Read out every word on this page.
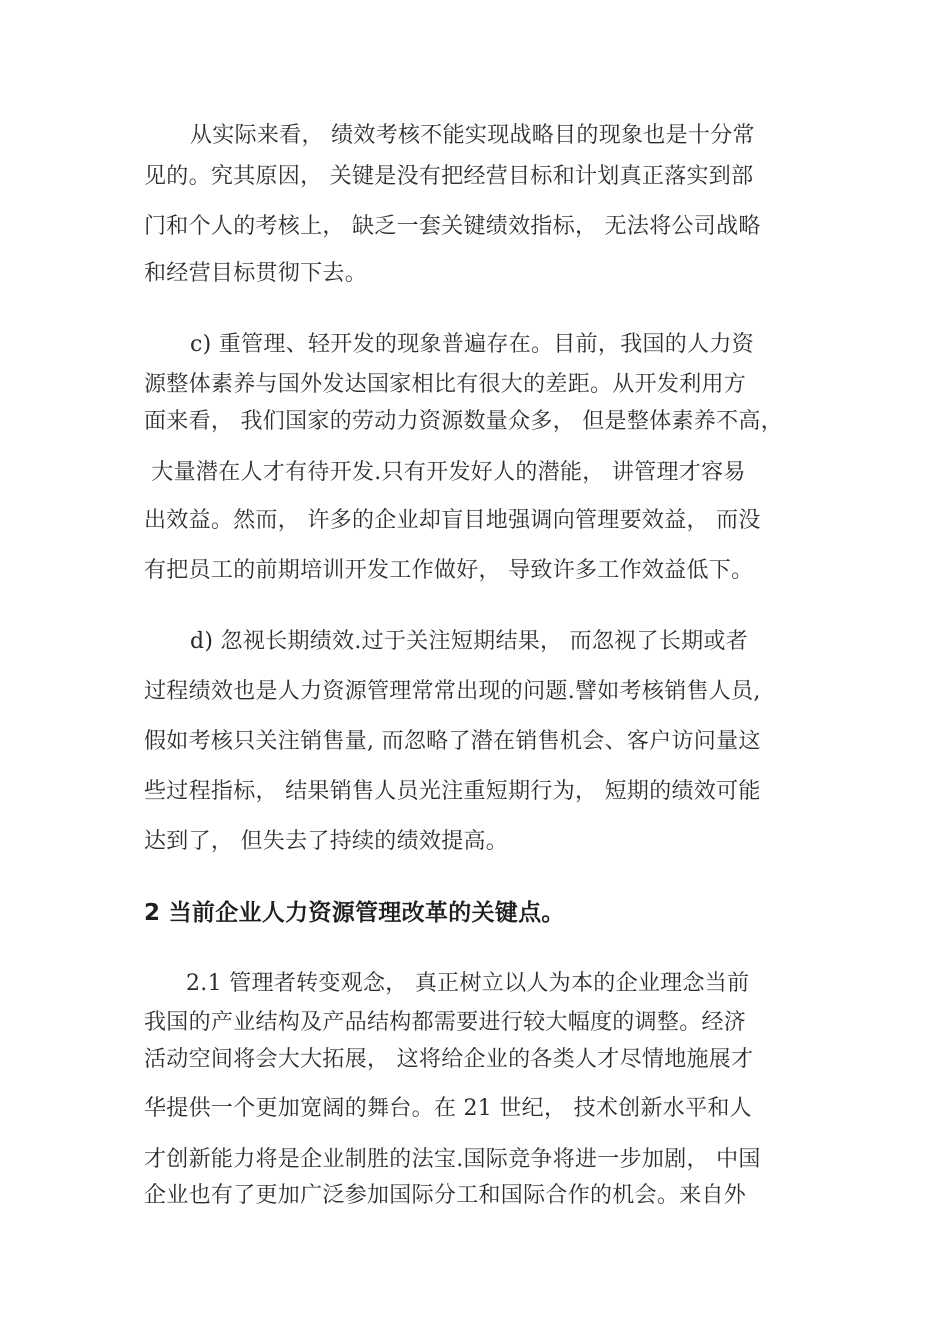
从实际来看， 绩效考核不能实现战略目的现象也是十分常
见的。究其原因， 关键是没有把经营目标和计划真正落实到部
门和个人的考核上， 缺乏一套关键绩效指标， 无法将公司战略
和经营目标贯彻下去。
c) 重管理、轻开发的现象普遍存在。目前，我国的人力资
源整体素养与国外发达国家相比有很大的差距。从开发利用方
面来看， 我们国家的劳动力资源数量众多， 但是整体素养不高，
大量潜在人才有待开发.只有开发好人的潜能， 讲管理才容易
出效益。然而， 许多的企业却盲目地强调向管理要效益， 而没
有把员工的前期培训开发工作做好， 导致许多工作效益低下。
d) 忽视长期绩效.过于关注短期结果， 而忽视了长期或者
过程绩效也是人力资源管理常常出现的问题.譬如考核销售人员,
假如考核只关注销售量, 而忽略了潜在销售机会、客户访问量这
些过程指标， 结果销售人员光注重短期行为， 短期的绩效可能
达到了， 但失去了持续的绩效提高。
2 当前企业人力资源管理改革的关键点。
2.1 管理者转变观念， 真正树立以人为本的企业理念当前
我国的产业结构及产品结构都需要进行较大幅度的调整。经济
活动空间将会大大拓展， 这将给企业的各类人才尽情地施展才
华提供一个更加宽阔的舞台。在 21 世纪， 技术创新水平和人
才创新能力将是企业制胜的法宝.国际竞争将进一步加剧， 中国
企业也有了更加广泛参加国际分工和国际合作的机会。来自外
